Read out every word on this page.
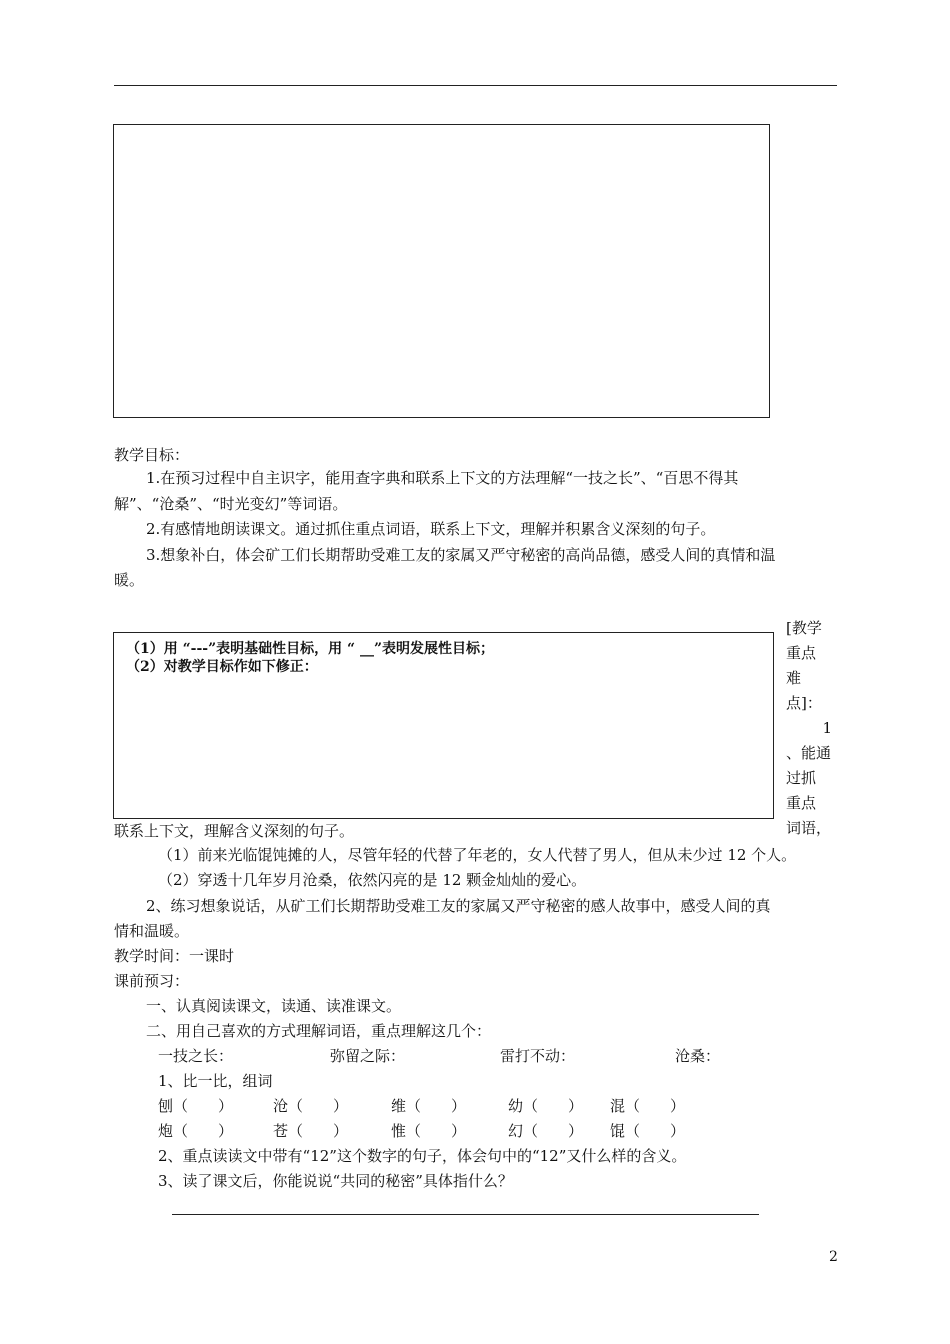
教学目标：
1.在预习过程中自主识字，能用查字典和联系上下文的方法理解“一技之长”、“百思不得其
解”、“沧桑”、“时光变幻”等词语。
2.有感情地朗读课文。通过抓住重点词语，联系上下文，理解并积累含义深刻的句子。
3.想象补白，体会矿工们长期帮助受难工友的家属又严守秘密的高尚品德，感受人间的真情和温
暖。
（1）用 “---”表明基础性目标，用 “ __”表明发展性目标；
（2）对教学目标作如下修正：
[教学
重点
难点]：
1
、能通
过抓
重点
词语，
联系上下文，理解含义深刻的句子。
（1）前来光临馄饨摊的人，尽管年轻的代替了年老的，女人代替了男人，但从未少过 12 个人。
（2）穿透十几年岁月沧桑，依然闪亮的是 12 颗金灿灿的爱心。
2、练习想象说话，从矿工们长期帮助受难工友的家属又严守秘密的感人故事中，感受人间的真
情和温暖。
教学时间：一课时
课前预习：
一、认真阅读课文，读通、读准课文。
二、用自己喜欢的方式理解词语，重点理解这几个：
一技之长：	弥留之际：	雷打不动：	沧桑：
1、比一比，组词
刨（　　）	沧（　　）	维（　　）	幼（　　） 混（　　）
炮（　　）	苍（　　）	惟（　　）	幻（　　） 馄（　　）
2、重点读读文中带有“12”这个数字的句子，体会句中的“12”又什么样的含义。
3、读了课文后，你能说说“共同的秘密”具体指什么？
2
